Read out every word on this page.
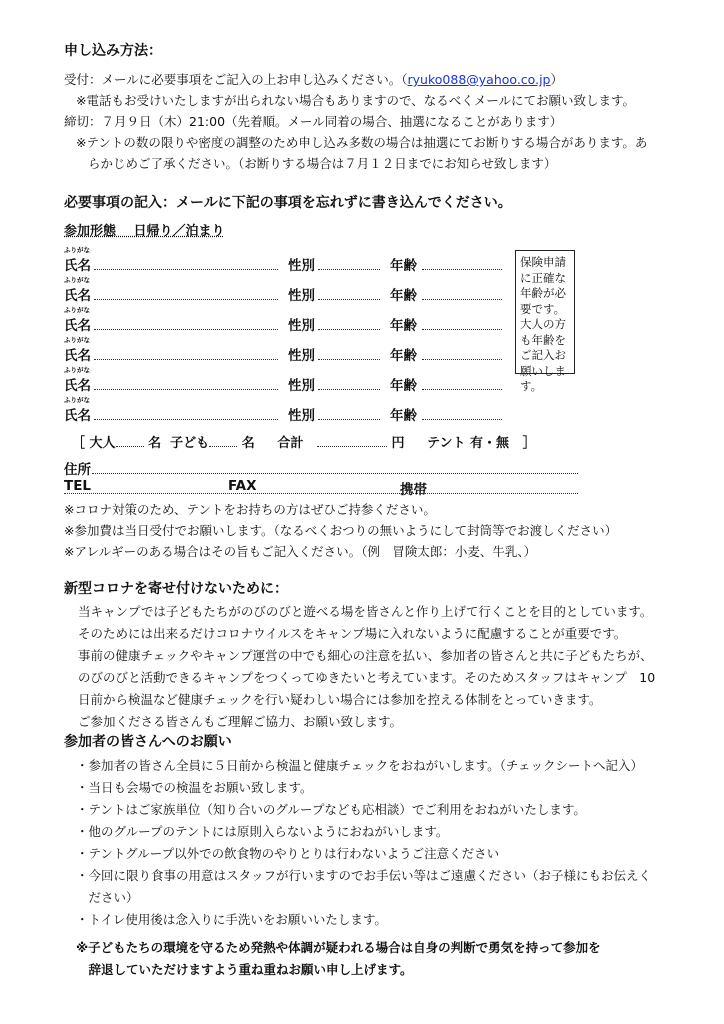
申し込み方法：
受付：メールに必要事項をご記入の上お申し込みください。（ryuko088@yahoo.co.jp）
※電話もお受けいたしますが出られない場合もありますので、なるべくメールにてお願い致します。
締切：７月９日（木）21:00（先着順。メール同着の場合、抽選になることがあります）
※テントの数の限りや密度の調整のため申し込み多数の場合は抽選にてお断りする場合があります。あ
らかじめご了承ください。（お断りする場合は７月１２日までにお知らせ致します）
必要事項の記入：メールに下記の事項を忘れずに書き込んでください。
参加形態　 日帰り／泊まり
ふりがな
氏名	性別	年齢
ふりがな
氏名	性別	年齢
ふりがな
氏名	性別	年齢
ふりがな
氏名	性別	年齢
ふりがな
氏名	性別	年齢
ふりがな
氏名	性別	年齢
保険申請に正確な年齢が必要です。大人の方も年齢をご記入お願いします。
［ 大人	名 子ども	名 合計	円 テント 有・無 ］
住所
TEL	FAX	携帯
※コロナ対策のため、テントをお持ちの方はぜひご持参ください。
※参加費は当日受付でお願いします。（なるべくおつりの無いようにして封筒等でお渡しください）
※アレルギーのある場合はその旨もご記入ください。（例　冒険太郎：小麦、牛乳、）
新型コロナを寄せ付けないために：
当キャンプでは子どもたちがのびのびと遊べる場を皆さんと作り上げて行くことを目的としています。
そのためには出来るだけコロナウイルスをキャンプ場に入れないように配慮することが重要です。
事前の健康チェックやキャンプ運営の中でも細心の注意を払い、参加者の皆さんと共に子どもたちが、
のびのびと活動できるキャンプをつくってゆきたいと考えています。そのためスタッフはキャンプ　10
日前から検温など健康チェックを行い疑わしい場合には参加を控える体制をとっていきます。
ご参加くださる皆さんもご理解ご協力、お願い致します。
参加者の皆さんへのお願い
・参加者の皆さん全員に５日前から検温と健康チェックをおねがいします。（チェックシートへ記入）
・当日も会場での検温をお願い致します。
・テントはご家族単位（知り合いのグループなども応相談）でご利用をおねがいたします。
・他のグループのテントには原則入らないようにおねがいします。
・テントグループ以外での飲食物のやりとりは行わないようご注意ください
・今回に限り食事の用意はスタッフが行いますのでお手伝い等はご遠慮ください（お子様にもお伝えく
　ださい）
・トイレ使用後は念入りに手洗いをお願いいたします。
※子どもたちの環境を守るため発熱や体調が疑われる場合は自身の判断で勇気を持って参加を
　辞退していただけますよう重ね重ねお願い申し上げます。
